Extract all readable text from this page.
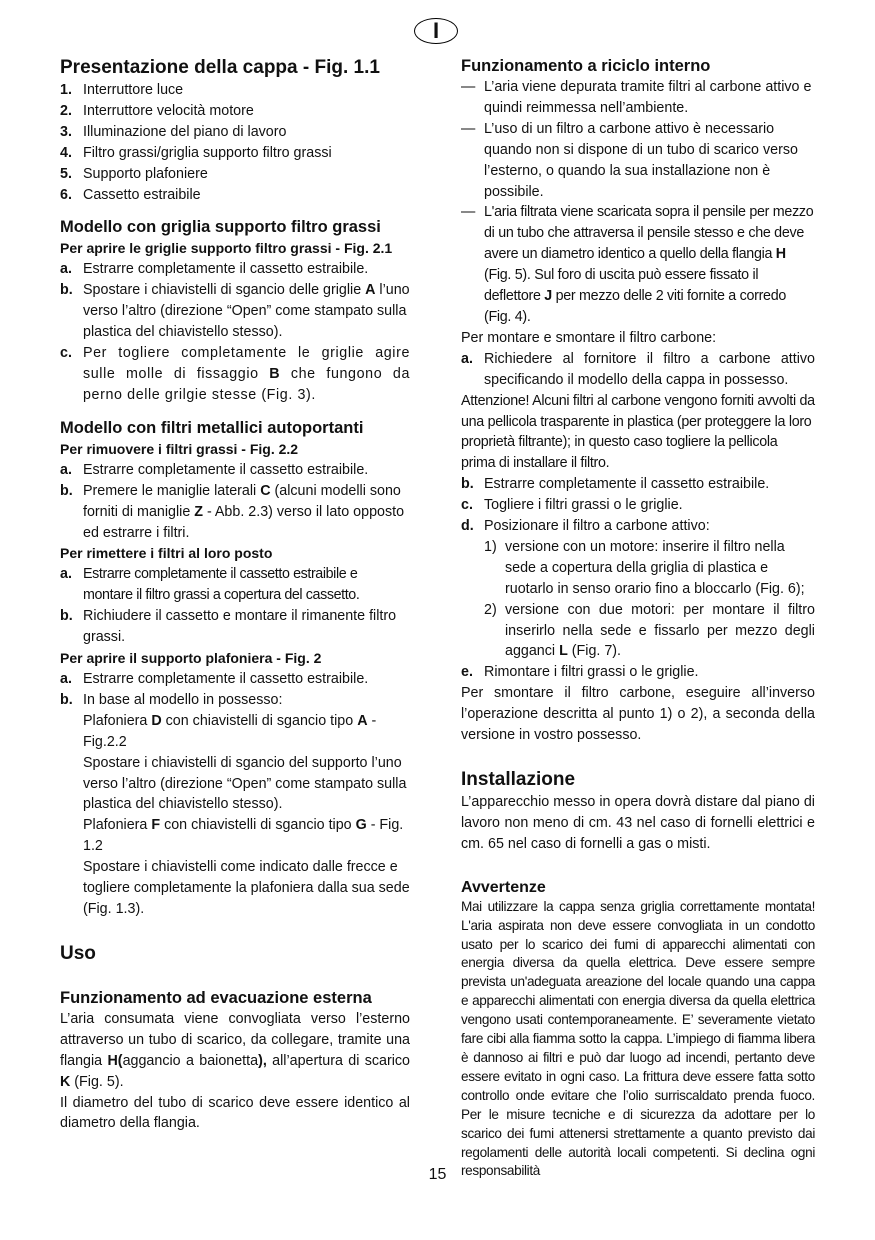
I

Presentazione della cappa - Fig. 1.1

1. Interruttore luce
2. Interruttore velocità motore
3. Illuminazione del piano di lavoro
4. Filtro grassi/griglia supporto filtro grassi
5. Supporto plafoniere
6. Cassetto estraibile

Modello con griglia supporto filtro grassi

Per aprire le griglie supporto filtro grassi - Fig. 2.1

a. Estrarre completamente il cassetto estraibile.
b. Spostare i chiavistelli di sgancio delle griglie A l’uno verso l’altro (direzione “Open” come stampato sulla plastica del chiavistello stesso).
c. Per togliere completamente le griglie agire sulle molle di fissaggio B che fungono da perno delle grilgie stesse (Fig. 3).

Modello con filtri metallici autoportanti

Per rimuovere i filtri grassi - Fig. 2.2

a. Estrarre completamente il cassetto estraibile.
b. Premere le maniglie laterali C (alcuni modelli sono forniti di maniglie Z - Abb. 2.3) verso il lato opposto ed estrarre i filtri.

Per rimettere i filtri al loro posto

a. Estrarre completamente il cassetto estraibile e montare il filtro grassi a copertura del cassetto.
b. Richiudere il cassetto e montare il rimanente filtro grassi.

Per aprire il supporto plafoniera - Fig. 2

a. Estrarre completamente il cassetto estraibile.
b. In base al modello in possesso:

Plafoniera D con chiavistelli di sgancio tipo A - Fig.2.2

Spostare i chiavistelli di sgancio del supporto l’uno verso l’altro (direzione “Open” come stampato sulla plastica del chiavistello stesso).

Plafoniera F con chiavistelli di sgancio tipo G - Fig. 1.2

Spostare i chiavistelli come indicato dalle frecce e togliere completamente la plafoniera dalla sua sede (Fig. 1.3).

Uso

Funzionamento ad evacuazione esterna

L’aria consumata viene convogliata verso l’esterno attraverso un tubo di scarico, da collegare, tramite una flangia H(aggancio a baionetta), all’apertura di scarico K (Fig. 5).

Il diametro del tubo di scarico deve essere identico al diametro della flangia.

Funzionamento a riciclo interno

— L’aria viene depurata tramite filtri al carbone attivo e quindi reimmessa nell’ambiente.
— L’uso di un filtro a carbone attivo è necessario quando non si dispone di un tubo di scarico verso l’esterno, o quando la sua installazione non è possibile.
— L'aria filtrata viene scaricata sopra il pensile per mezzo di un tubo che attraversa il pensile stesso e che deve avere un diametro identico a quello della flangia H (Fig. 5). Sul foro di uscita può essere fissato il deflettore J per mezzo delle 2 viti fornite a corredo (Fig. 4).

Per montare e smontare il filtro carbone:

a. Richiedere al fornitore il filtro a carbone attivo specificando il modello della cappa in possesso.

Attenzione! Alcuni filtri al carbone vengono forniti avvolti da una pellicola trasparente in plastica (per proteggere la loro proprietà filtrante); in questo caso togliere la pellicola prima di installare il filtro.

b. Estrarre completamente il cassetto estraibile.
c. Togliere i filtri grassi o le griglie.
d. Posizionare il filtro a carbone attivo:
1) versione con un motore: inserire il filtro nella sede a copertura della griglia di plastica e ruotarlo in senso orario fino a bloccarlo (Fig. 6);
2) versione con due motori: per montare il filtro inserirlo nella sede e fissarlo per mezzo degli agganci L (Fig. 7).
e. Rimontare i filtri grassi o le griglie.

Per smontare il filtro carbone, eseguire all’inverso l’operazione descritta al punto 1) o 2), a seconda della versione in vostro possesso.

Installazione

L’apparecchio messo in opera dovrà distare dal piano di lavoro non meno di cm. 43 nel caso di fornelli elettrici e cm. 65 nel caso di fornelli a gas o misti.

Avvertenze

Mai utilizzare la cappa senza griglia correttamente montata! L'aria aspirata non deve essere convogliata in un condotto usato per lo scarico dei fumi di apparecchi alimentati con energia diversa da quella elettrica. Deve essere sempre prevista un'adeguata areazione del locale quando una cappa e apparecchi alimentati con energia diversa da quella elettrica vengono usati contemporaneamente. E’ severamente vietato fare cibi alla fiamma sotto la cappa. L’impiego di fiamma libera è dannoso ai filtri e può dar luogo ad incendi, pertanto deve essere evitato in ogni caso. La frittura deve essere fatta sotto controllo onde evitare che l’olio surriscaldato prenda fuoco. Per le misure tecniche e di sicurezza da adottare per lo scarico dei fumi attenersi strettamente a quanto previsto dai regolamenti delle autorità locali competenti. Si declina ogni responsabilità

15
